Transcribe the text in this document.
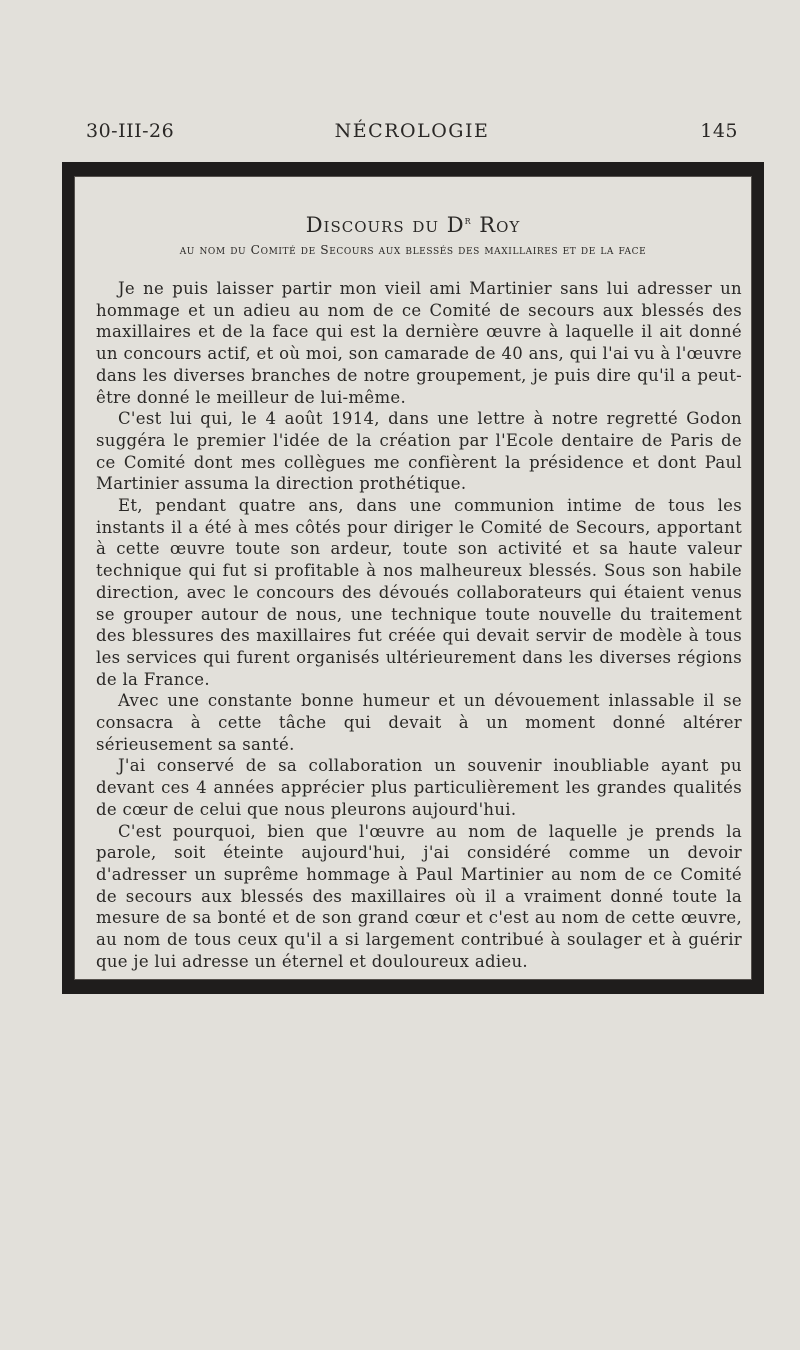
30-III-26	NÉCROLOGIE	145
Discours du $D^r$ Roy
au nom du Comité de Secours aux blessés des maxillaires et de la face

Je ne puis laisser partir mon vieil ami Martinier sans lui adresser un hommage et un adieu au nom de ce Comité de secours aux blessés des maxillaires et de la face qui est la dernière œuvre à laquelle il ait donné un concours actif, et où moi, son camarade de 40 ans, qui l'ai vu à l'œuvre dans les diverses branches de notre groupement, je puis dire qu'il a peut-être donné le meilleur de lui-même.

C'est lui qui, le 4 août 1914, dans une lettre à notre regretté Godon suggéra le premier l'idée de la création par l'Ecole dentaire de Paris de ce Comité dont mes collègues me confièrent la présidence et dont Paul Martinier assuma la direction prothétique.

Et, pendant quatre ans, dans une communion intime de tous les instants il a été à mes côtés pour diriger le Comité de Secours, apportant à cette œuvre toute son ardeur, toute son activité et sa haute valeur technique qui fut si profitable à nos malheureux blessés. Sous son habile direction, avec le concours des dévoués collaborateurs qui étaient venus se grouper autour de nous, une technique toute nouvelle du traitement des blessures des maxillaires fut créée qui devait servir de modèle à tous les services qui furent organisés ultérieurement dans les diverses régions de la France.

Avec une constante bonne humeur et un dévouement inlassable il se consacra à cette tâche qui devait à un moment donné altérer sérieusement sa santé.

J'ai conservé de sa collaboration un souvenir inoubliable ayant pu devant ces 4 années apprécier plus particulièrement les grandes qualités de cœur de celui que nous pleurons aujourd'hui.

C'est pourquoi, bien que l'œuvre au nom de laquelle je prends la parole, soit éteinte aujourd'hui, j'ai considéré comme un devoir d'adresser un suprême hommage à Paul Martinier au nom de ce Comité de secours aux blessés des maxillaires où il a vraiment donné toute la mesure de sa bonté et de son grand cœur et c'est au nom de cette œuvre, au nom de tous ceux qu'il a si largement contribué à soulager et à guérir que je lui adresse un éternel et douloureux adieu.
